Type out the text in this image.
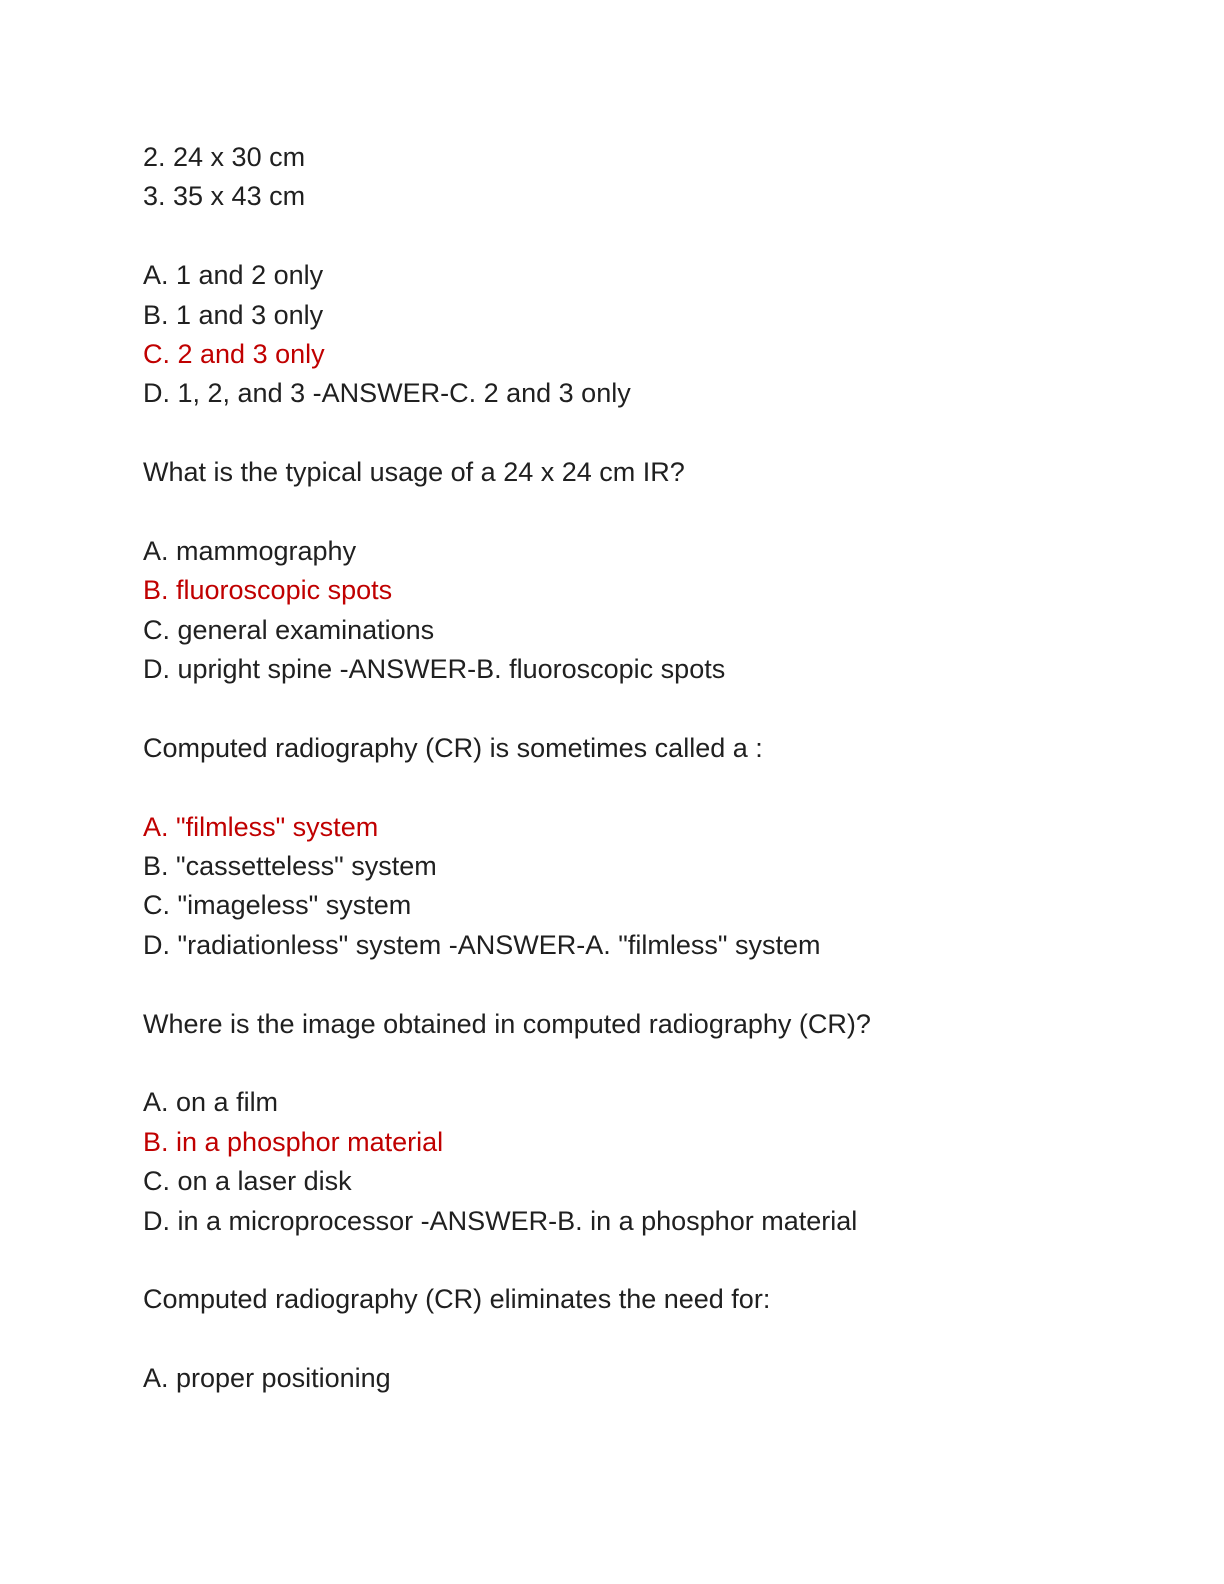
2. 24 x 30 cm
3. 35 x 43 cm
A. 1 and 2 only
B. 1 and 3 only
C. 2 and 3 only
D. 1, 2, and 3 -ANSWER-C. 2 and 3 only
What is the typical usage of a 24 x 24 cm IR?
A. mammography
B. fluoroscopic spots
C. general examinations
D. upright spine -ANSWER-B. fluoroscopic spots
Computed radiography (CR) is sometimes called a :
A. "filmless" system
B. "cassetteless" system
C. "imageless" system
D. "radiationless" system -ANSWER-A. "filmless" system
Where is the image obtained in computed radiography (CR)?
A. on a film
B. in a phosphor material
C. on a laser disk
D. in a microprocessor -ANSWER-B. in a phosphor material
Computed radiography (CR) eliminates the need for:
A. proper positioning
